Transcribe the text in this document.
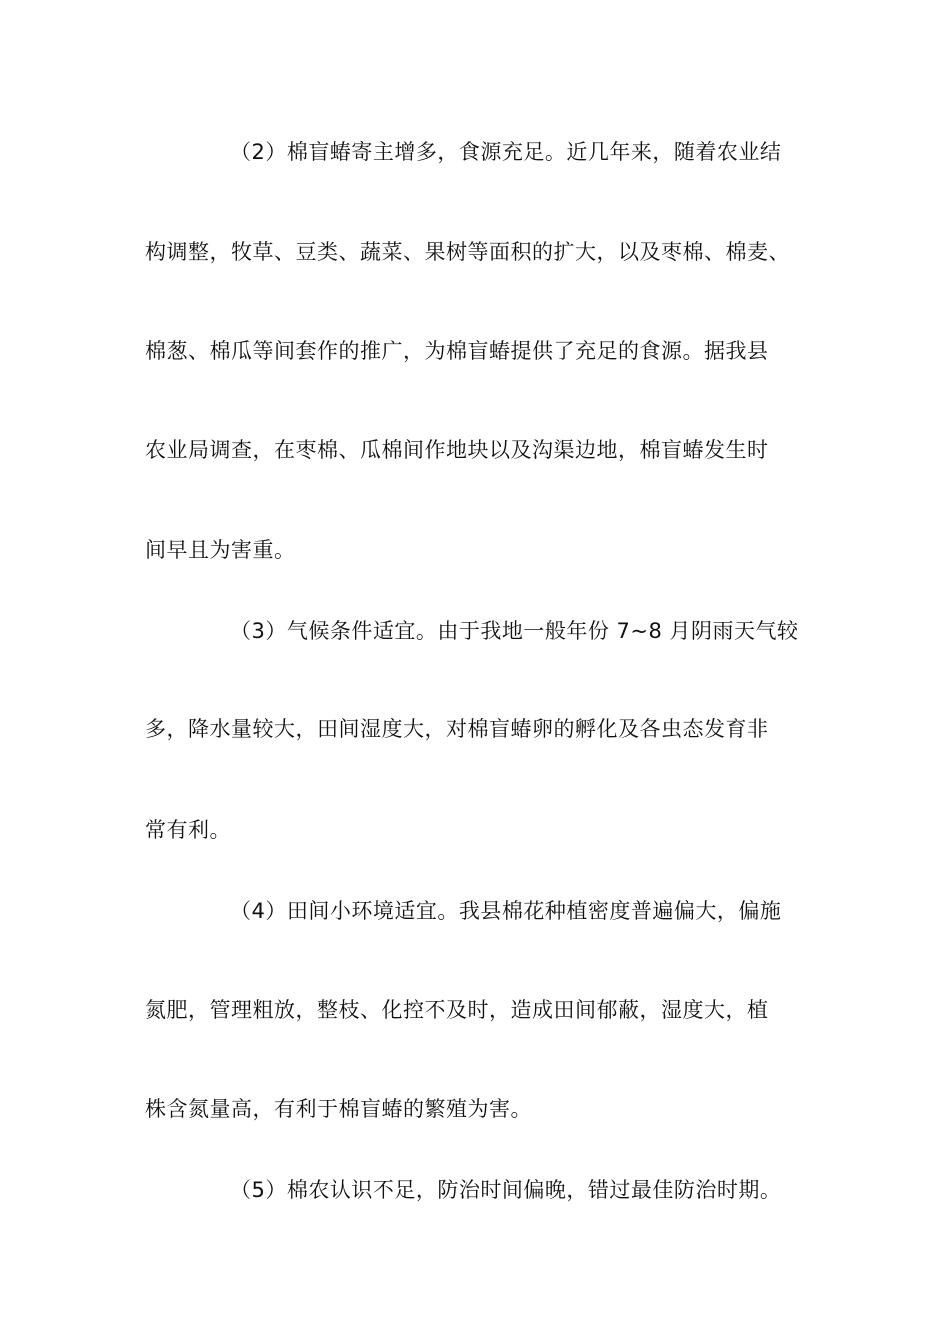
（2）棉盲蝽寄主增多，食源充足。近几年来，随着农业结
构调整，牧草、豆类、蔬菜、果树等面积的扩大，以及枣棉、棉麦、
棉葱、棉瓜等间套作的推广，为棉盲蝽提供了充足的食源。据我县
农业局调查，在枣棉、瓜棉间作地块以及沟渠边地，棉盲蝽发生时
间早且为害重。
（3）气候条件适宜。由于我地一般年份 7~8 月阴雨天气较
多，降水量较大，田间湿度大，对棉盲蝽卵的孵化及各虫态发育非
常有利。
（4）田间小环境适宜。我县棉花种植密度普遍偏大，偏施
氮肥，管理粗放，整枝、化控不及时，造成田间郁蔽，湿度大，植
株含氮量高，有利于棉盲蝽的繁殖为害。
（5）棉农认识不足，防治时间偏晚，错过最佳防治时期。
